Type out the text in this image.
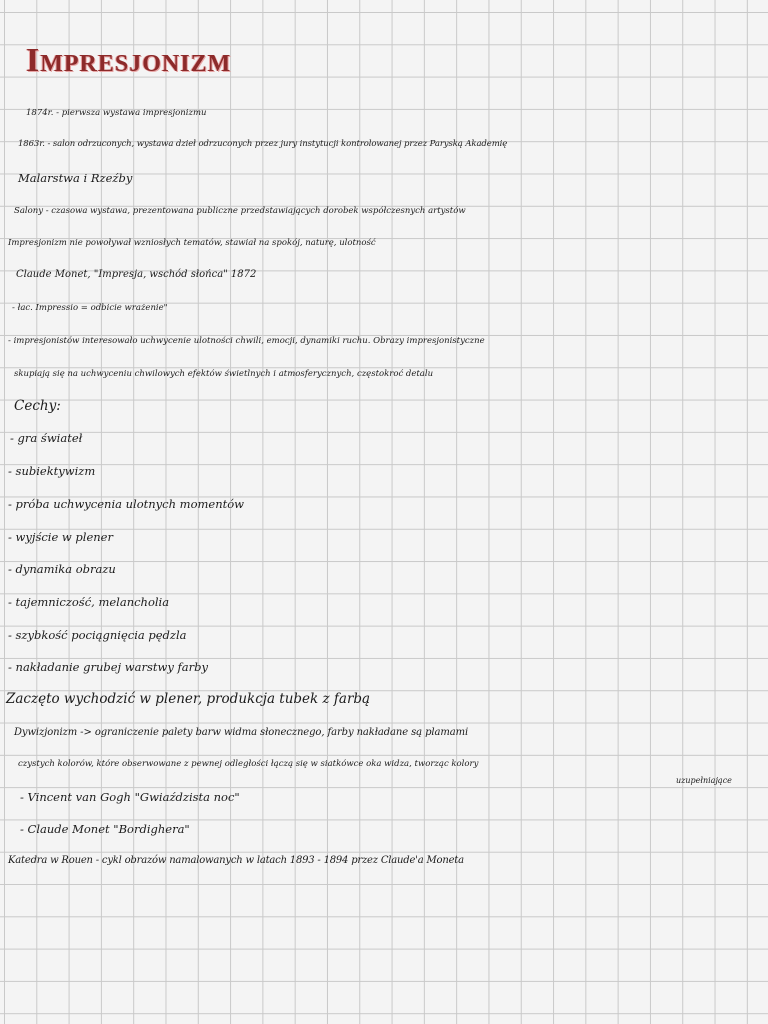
Impresjonizm
1874r. - pierwsza wystawa impresjonizmu
1863r. - salon odrzuconych, wystawa dzieł odrzuconych przez jury instytucji kontrolowanej przez Paryską Akademię
Malarstwa i Rzeźby
Salony - czasowa wystawa, prezentowana publiczne przedstawiających dorobek współczesnych artystów
Impresjonizm nie powoływał wzniosłych tematów, stawiał na spokój, naturę, ulotność
Claude Monet, "Impresja, wschód słońca" 1872
- łac. Impressio = odbicie wrażenie"
- impresjonistów interesowało uchwycenie ulotności chwili, emocji, dynamiki ruchu. Obrazy impresjonistyczne
skupiają się na uchwyceniu chwilowych efektów świetlnych i atmosferycznych, częstokroć detalu
Cechy:
- gra świateł
- subiektywizm
- próba uchwycenia ulotnych momentów
- wyjście w plener
- dynamika obrazu
- tajemniczość, melancholia
- szybkość pociągnięcia pędzla
- nakładanie grubej warstwy farby
Zaczęto wychodzić w plener, produkcja tubek z farbą
Dywizjonizm -> ograniczenie palety barw widma słonecznego, farby nakładane są plamami
czystych kolorów, które obserwowane z pewnej odległości łączą się w siatkówce oka widza, tworząc kolory
uzupełniające
- Vincent van Gogh "Gwiaździsta noc"
- Claude Monet "Bordighera"
Katedra w Rouen - cykl obrazów namalowanych w latach 1893 - 1894 przez Claude'a Moneta
